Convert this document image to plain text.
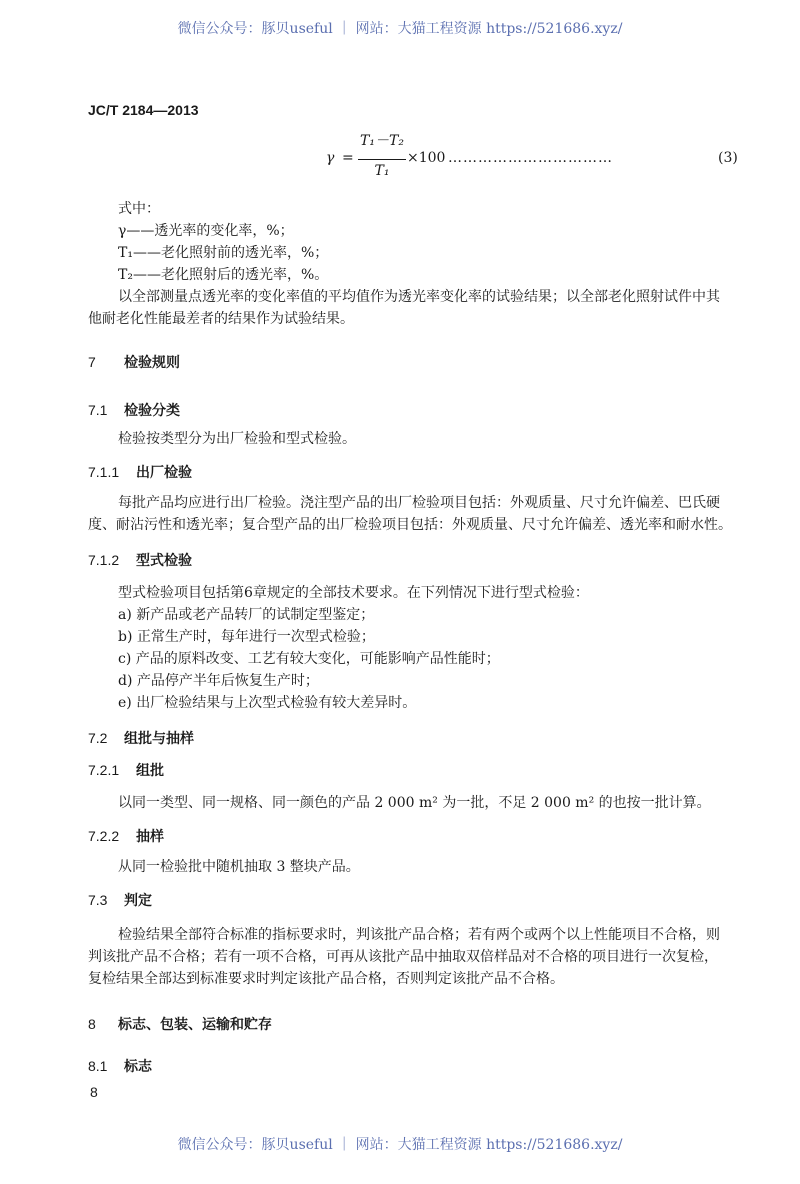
微信公众号：豚贝useful ｜ 网站：大猫工程资源 https://521686.xyz/
微信公众号：豚贝useful ｜ 网站：大猫工程资源 https://521686.xyz/
JC/T 2184—2013
γ =
T₁－T₂
T₁
×100 ……………………………	(3)
式中：
γ——透光率的变化率，%；
T₁——老化照射前的透光率，%；
T₂——老化照射后的透光率，%。
以全部测量点透光率的变化率值的平均值作为透光率变化率的试验结果；以全部老化照射试件中其
他耐老化性能最差者的结果作为试验结果。
7 检验规则
7.1 检验分类
检验按类型分为出厂检验和型式检验。
7.1.1 出厂检验
每批产品均应进行出厂检验。浇注型产品的出厂检验项目包括：外观质量、尺寸允许偏差、巴氏硬
度、耐沾污性和透光率；复合型产品的出厂检验项目包括：外观质量、尺寸允许偏差、透光率和耐水性。
7.1.2 型式检验
型式检验项目包括第6章规定的全部技术要求。在下列情况下进行型式检验：
a) 新产品或老产品转厂的试制定型鉴定；
b) 正常生产时，每年进行一次型式检验；
c) 产品的原料改变、工艺有较大变化，可能影响产品性能时；
d) 产品停产半年后恢复生产时；
e) 出厂检验结果与上次型式检验有较大差异时。
7.2 组批与抽样
7.2.1 组批
以同一类型、同一规格、同一颜色的产品 2 000 m² 为一批，不足 2 000 m² 的也按一批计算。
7.2.2 抽样
从同一检验批中随机抽取 3 整块产品。
7.3 判定
检验结果全部符合标准的指标要求时，判该批产品合格；若有两个或两个以上性能项目不合格，则
判该批产品不合格；若有一项不合格，可再从该批产品中抽取双倍样品对不合格的项目进行一次复检，
复检结果全部达到标准要求时判定该批产品合格，否则判定该批产品不合格。
8 标志、包装、运输和贮存
8.1 标志
8
